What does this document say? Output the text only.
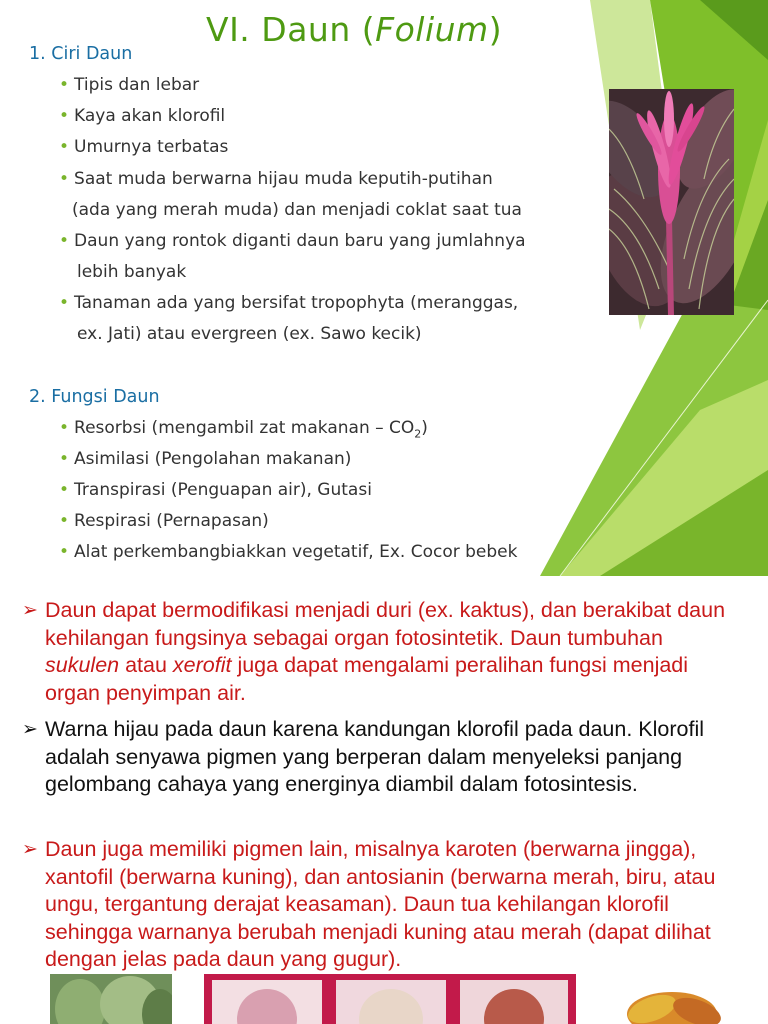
VI. Daun (Folium)
1. Ciri Daun
• Tipis dan lebar
• Kaya akan klorofil
• Umurnya terbatas
• Saat muda berwarna hijau muda keputih-putihan
(ada yang merah muda) dan menjadi coklat saat tua
• Daun yang rontok diganti daun baru yang jumlahnya
lebih banyak
• Tanaman ada yang bersifat tropophyta (meranggas,
ex. Jati) atau evergreen (ex. Sawo kecik)
2. Fungsi Daun
• Resorbsi (mengambil zat makanan – $CO_2$)
• Asimilasi (Pengolahan makanan)
• Transpirasi (Penguapan air), Gutasi
• Respirasi (Pernapasan)
• Alat perkembangbiakkan vegetatif, Ex. Cocor bebek
➢ Daun dapat bermodifikasi menjadi duri (ex. kaktus), dan berakibat daun kehilangan fungsinya sebagai organ fotosintetik. Daun tumbuhan sukulen atau xerofit juga dapat mengalami peralihan fungsi menjadi organ penyimpan air.
➢ Warna hijau pada daun karena kandungan klorofil pada daun. Klorofil adalah senyawa pigmen yang berperan dalam menyeleksi panjang gelombang cahaya yang energinya diambil dalam fotosintesis.
➢ Daun juga memiliki pigmen lain, misalnya karoten (berwarna jingga), xantofil (berwarna kuning), dan antosianin (berwarna merah, biru, atau ungu, tergantung derajat keasaman). Daun tua kehilangan klorofil sehingga warnanya berubah menjadi kuning atau merah (dapat dilihat dengan jelas pada daun yang gugur).
